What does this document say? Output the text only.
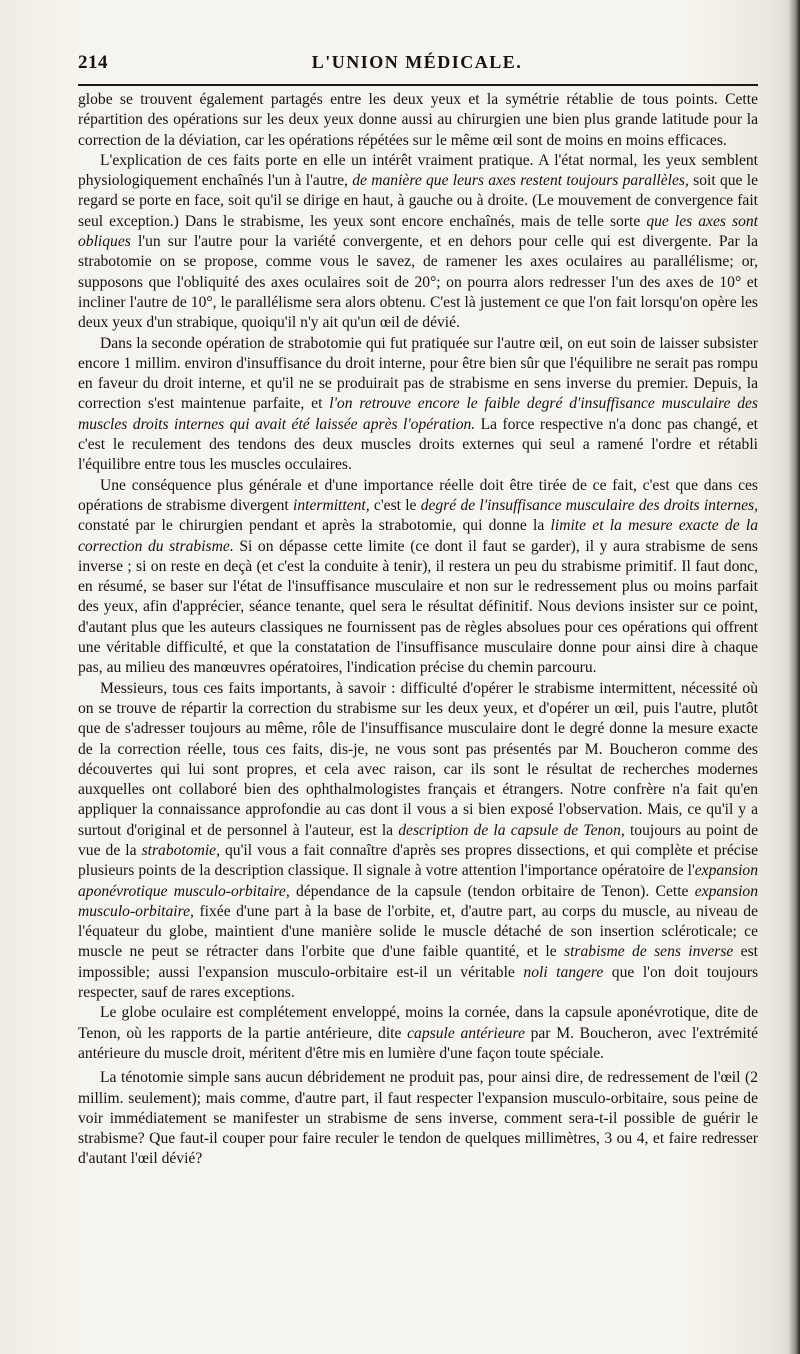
214	L'UNION MÉDICALE.

globe se trouvent également partagés entre les deux yeux et la symétrie rétablie de tous points. Cette répartition des opérations sur les deux yeux donne aussi au chirurgien une bien plus grande latitude pour la correction de la déviation, car les opérations répétées sur le même œil sont de moins en moins efficaces.

L'explication de ces faits porte en elle un intérêt vraiment pratique. A l'état normal, les yeux semblent physiologiquement enchaînés l'un à l'autre, de manière que leurs axes restent toujours parallèles, soit que le regard se porte en face, soit qu'il se dirige en haut, à gauche ou à droite. (Le mouvement de convergence fait seul exception.) Dans le strabisme, les yeux sont encore enchaînés, mais de telle sorte que les axes sont obliques l'un sur l'autre pour la variété convergente, et en dehors pour celle qui est divergente. Par la strabotomie on se propose, comme vous le savez, de ramener les axes oculaires au parallélisme; or, supposons que l'obliquité des axes oculaires soit de 20°; on pourra alors redresser l'un des axes de 10° et incliner l'autre de 10°, le parallélisme sera alors obtenu. C'est là justement ce que l'on fait lorsqu'on opère les deux yeux d'un strabique, quoiqu'il n'y ait qu'un œil de dévié.

Dans la seconde opération de strabotomie qui fut pratiquée sur l'autre œil, on eut soin de laisser subsister encore 1 millim. environ d'insuffisance du droit interne, pour être bien sûr que l'équilibre ne serait pas rompu en faveur du droit interne, et qu'il ne se produirait pas de strabisme en sens inverse du premier. Depuis, la correction s'est maintenue parfaite, et l'on retrouve encore le faible degré d'insuffisance musculaire des muscles droits internes qui avait été laissée après l'opération. La force respective n'a donc pas changé, et c'est le reculement des tendons des deux muscles droits externes qui seul a ramené l'ordre et rétabli l'équilibre entre tous les muscles occulaires.

Une conséquence plus générale et d'une importance réelle doit être tirée de ce fait, c'est que dans ces opérations de strabisme divergent intermittent, c'est le degré de l'insuffisance musculaire des droits internes, constaté par le chirurgien pendant et après la strabotomie, qui donne la limite et la mesure exacte de la correction du strabisme. Si on dépasse cette limite (ce dont il faut se garder), il y aura strabisme de sens inverse ; si on reste en deçà (et c'est la conduite à tenir), il restera un peu du strabisme primitif. Il faut donc, en résumé, se baser sur l'état de l'insuffisance musculaire et non sur le redressement plus ou moins parfait des yeux, afin d'apprécier, séance tenante, quel sera le résultat définitif. Nous devions insister sur ce point, d'autant plus que les auteurs classiques ne fournissent pas de règles absolues pour ces opérations qui offrent une véritable difficulté, et que la constatation de l'insuffisance musculaire donne pour ainsi dire à chaque pas, au milieu des manœuvres opératoires, l'indication précise du chemin parcouru.

Messieurs, tous ces faits importants, à savoir : difficulté d'opérer le strabisme intermittent, nécessité où on se trouve de répartir la correction du strabisme sur les deux yeux, et d'opérer un œil, puis l'autre, plutôt que de s'adresser toujours au même, rôle de l'insuffisance musculaire dont le degré donne la mesure exacte de la correction réelle, tous ces faits, dis-je, ne vous sont pas présentés par M. Boucheron comme des découvertes qui lui sont propres, et cela avec raison, car ils sont le résultat de recherches modernes auxquelles ont collaboré bien des ophthalmologistes français et étrangers. Notre confrère n'a fait qu'en appliquer la connaissance approfondie au cas dont il vous a si bien exposé l'observation. Mais, ce qu'il y a surtout d'original et de personnel à l'auteur, est la description de la capsule de Tenon, toujours au point de vue de la strabotomie, qu'il vous a fait connaître d'après ses propres dissections, et qui complète et précise plusieurs points de la description classique. Il signale à votre attention l'importance opératoire de l'expansion aponévrotique musculo-orbitaire, dépendance de la capsule (tendon orbitaire de Tenon). Cette expansion musculo-orbitaire, fixée d'une part à la base de l'orbite, et, d'autre part, au corps du muscle, au niveau de l'équateur du globe, maintient d'une manière solide le muscle détaché de son insertion scléroticale; ce muscle ne peut se rétracter dans l'orbite que d'une faible quantité, et le strabisme de sens inverse est impossible; aussi l'expansion musculo-orbitaire est-il un véritable noli tangere que l'on doit toujours respecter, sauf de rares exceptions.

Le globe oculaire est complétement enveloppé, moins la cornée, dans la capsule aponévrotique, dite de Tenon, où les rapports de la partie antérieure, dite capsule antérieure par M. Boucheron, avec l'extrémité antérieure du muscle droit, méritent d'être mis en lumière d'une façon toute spéciale.

La ténotomie simple sans aucun débridement ne produit pas, pour ainsi dire, de redressement de l'œil (2 millim. seulement); mais comme, d'autre part, il faut respecter l'expansion musculo-orbitaire, sous peine de voir immédiatement se manifester un strabisme de sens inverse, comment sera-t-il possible de guérir le strabisme? Que faut-il couper pour faire reculer le tendon de quelques millimètres, 3 ou 4, et faire redresser d'autant l'œil dévié?
